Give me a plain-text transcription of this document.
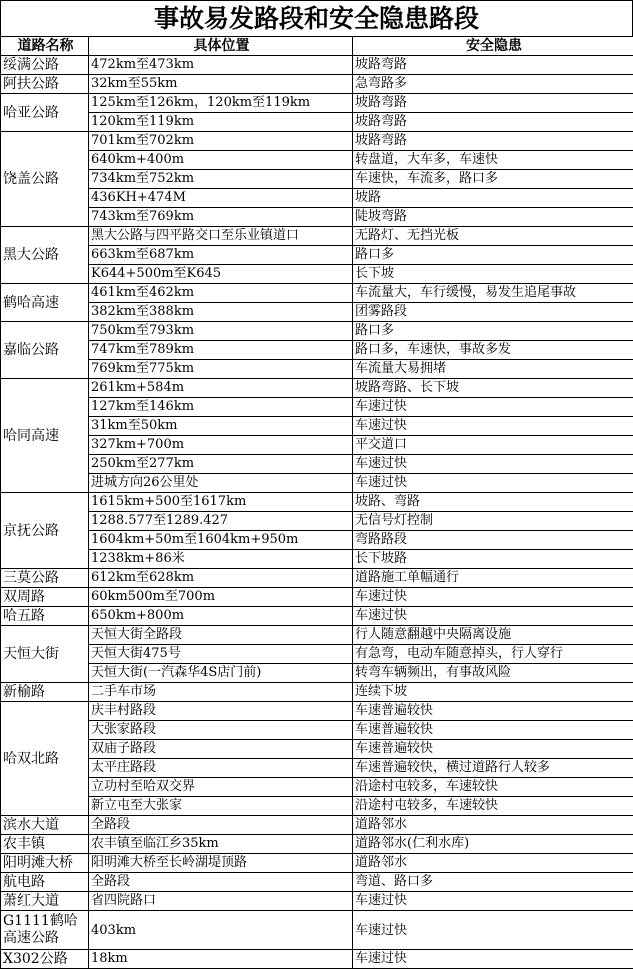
事故易发路段和安全隐患路段
道路名称	具体位置	安全隐患
绥满公路	472km至473km	坡路弯路
阿扶公路	32km至55km	急弯路多
哈亚公路	125km至126km，120km至119km	坡路弯路
	120km至119km	坡路弯路
饶盖公路	701km至702km	坡路弯路
	640km+400m	转盘道，大车多，车速快
	734km至752km	车速快，车流多，路口多
	436KH+474M	坡路
	743km至769km	陡坡弯路
黑大公路	黑大公路与四平路交口至乐业镇道口	无路灯、无挡光板
	663km至687km	路口多
	K644+500m至K645	长下坡
鹤哈高速	461km至462km	车流量大，车行缓慢，易发生追尾事故
	382km至388km	团雾路段
嘉临公路	750km至793km	路口多
	747km至789km	路口多，车速快，事故多发
	769km至775km	车流量大易拥堵
哈同高速	261km+584m	坡路弯路、长下坡
	127km至146km	车速过快
	31km至50km	车速过快
	327km+700m	平交道口
	250km至277km	车速过快
	进城方向26公里处	车速过快
京抚公路	1615km+500至1617km	坡路、弯路
	1288.577至1289.427	无信号灯控制
	1604km+50m至1604km+950m	弯路路段
	1238km+86米	长下坡路
三莫公路	612km至628km	道路施工单幅通行
双周路	60km500m至700m	车速过快
哈五路	650km+800m	车速过快
天恒大街	天恒大街全路段	行人随意翻越中央隔离设施
	天恒大街475号	有急弯，电动车随意掉头，行人穿行
	天恒大街(一汽森华4S店门前)	转弯车辆频出，有事故风险
新榆路	二手车市场	连续下坡
哈双北路	庆丰村路段	车速普遍较快
	大张家路段	车速普遍较快
	双庙子路段	车速普遍较快
	太平庄路段	车速普遍较快，横过道路行人较多
	立功村至哈双交界	沿途村屯较多，车速较快
	新立屯至大张家	沿途村屯较多，车速较快
滨水大道	全路段	道路邻水
农丰镇	农丰镇至临江乡35km	道路邻水(仁利水库)
阳明滩大桥	阳明滩大桥至长岭湖堤顶路	道路邻水
航电路	全路段	弯道、路口多
萧红大道	省四院路口	车速过快
G1111鹤哈高速公路	403km	车速过快
X302公路	18km	车速过快
